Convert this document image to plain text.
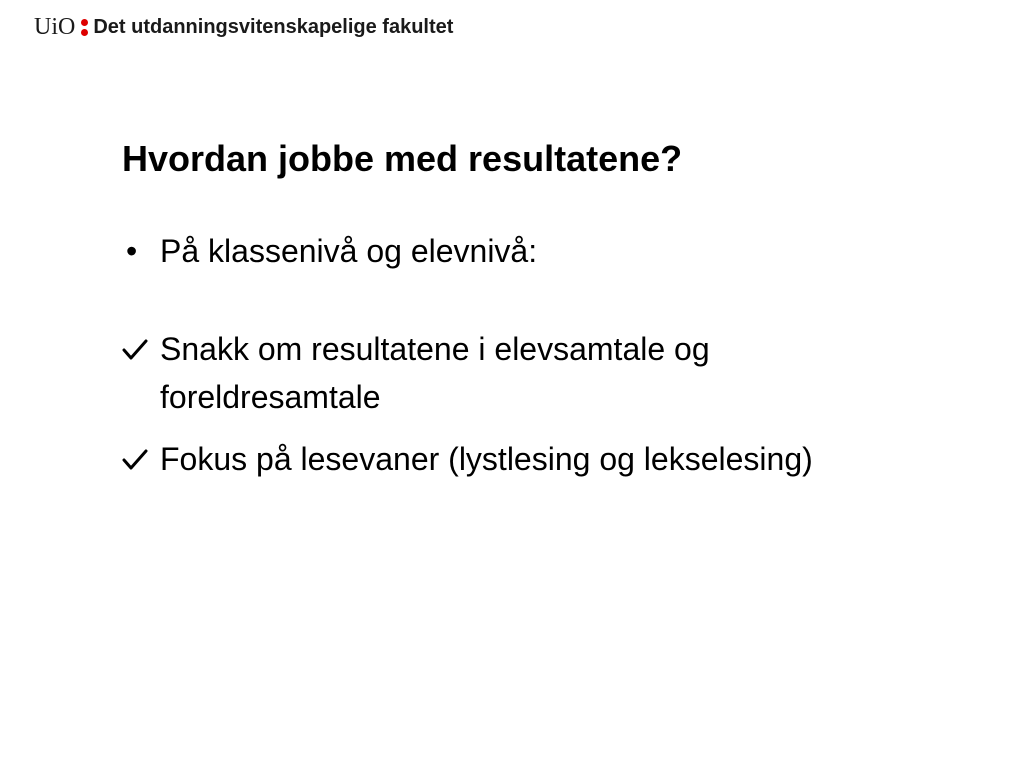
UiO Det utdanningsvitenskapelige fakultet
Hvordan jobbe med resultatene?
• På klassenivå og elevnivå:
Snakk om resultatene i elevsamtale og foreldresamtale
Fokus på lesevaner (lystlesing og lekselesing)
